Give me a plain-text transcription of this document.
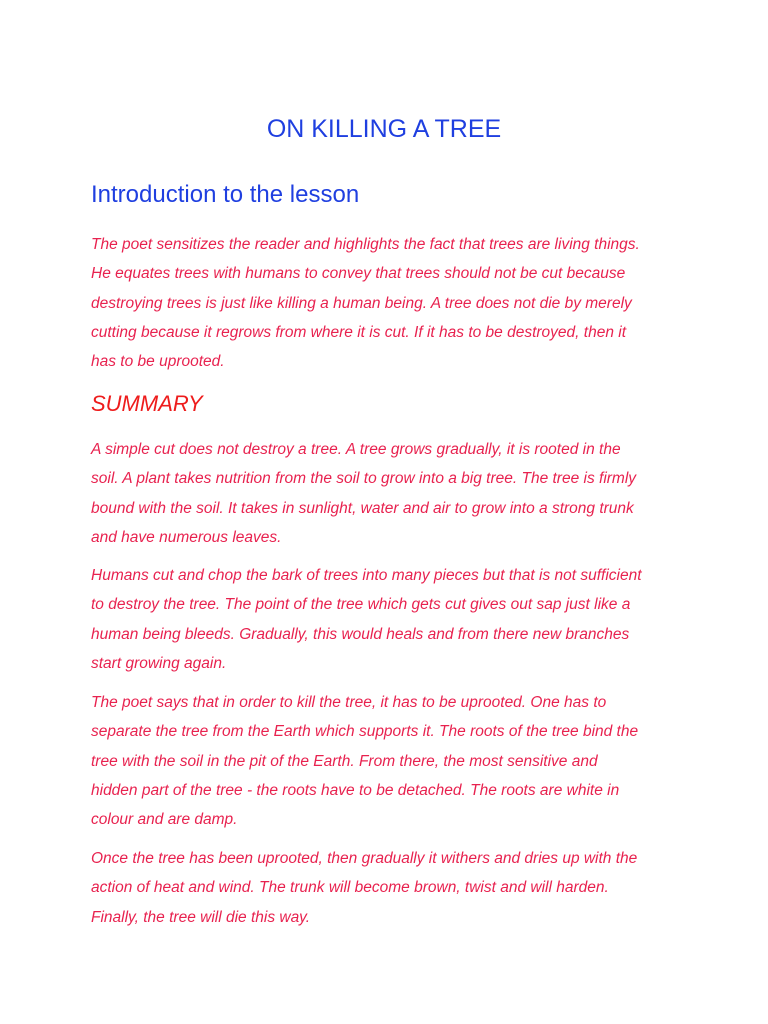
ON KILLING A TREE
Introduction to the lesson

The poet sensitizes the reader and highlights the fact that trees are living things.
He equates trees with humans to convey that trees should not be cut because
destroying trees is just like killing a human being. A tree does not die by merely
cutting because it regrows from where it is cut. If it has to be destroyed, then it
has to be uprooted.

SUMMARY

A simple cut does not destroy a tree. A tree grows gradually, it is rooted in the
soil. A plant takes nutrition from the soil to grow into a big tree. The tree is firmly
bound with the soil. It takes in sunlight, water and air to grow into a strong trunk
and have numerous leaves.

Humans cut and chop the bark of trees into many pieces but that is not sufficient
to destroy the tree. The point of the tree which gets cut gives out sap just like a
human being bleeds. Gradually, this would heals and from there new branches
start growing again.

The poet says that in order to kill the tree, it has to be uprooted. One has to
separate the tree from the Earth which supports it. The roots of the tree bind the
tree with the soil in the pit of the Earth. From there, the most sensitive and
hidden part of the tree - the roots have to be detached. The roots are white in
colour and are damp.

Once the tree has been uprooted, then gradually it withers and dries up with the
action of heat and wind. The trunk will become brown, twist and will harden.
Finally, the tree will die this way.
